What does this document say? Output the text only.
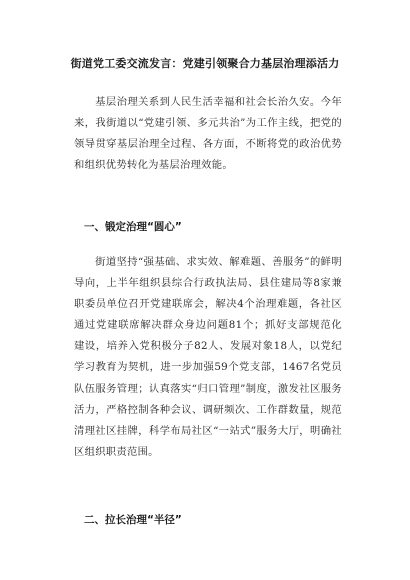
街道党工委交流发言：党建引领聚合力基层治理添活力

基层治理关系到人民生活幸福和社会长治久安。今年来，我街道以“党建引领、多元共治”为工作主线，把党的领导贯穿基层治理全过程、各方面，不断将党的政治优势和组织优势转化为基层治理效能。

一、锻定治理“圆心”

街道坚持“强基础、求实效、解难题、善服务”的鲜明导向，上半年组织县综合行政执法局、县住建局等8家兼职委员单位召开党建联席会，解决4个治理难题，各社区通过党建联席解决群众身边问题81个；抓好支部规范化建设，培养入党积极分子82人、发展对象18人，以党纪学习教育为契机，进一步加强59个党支部，1467名党员队伍服务管理；认真落实“归口管理”制度，激发社区服务活力，严格控制各种会议、调研频次、工作群数量，规范清理社区挂牌，科学布局社区“一站式”服务大厅，明确社区组织职责范围。

二、拉长治理“半径”
